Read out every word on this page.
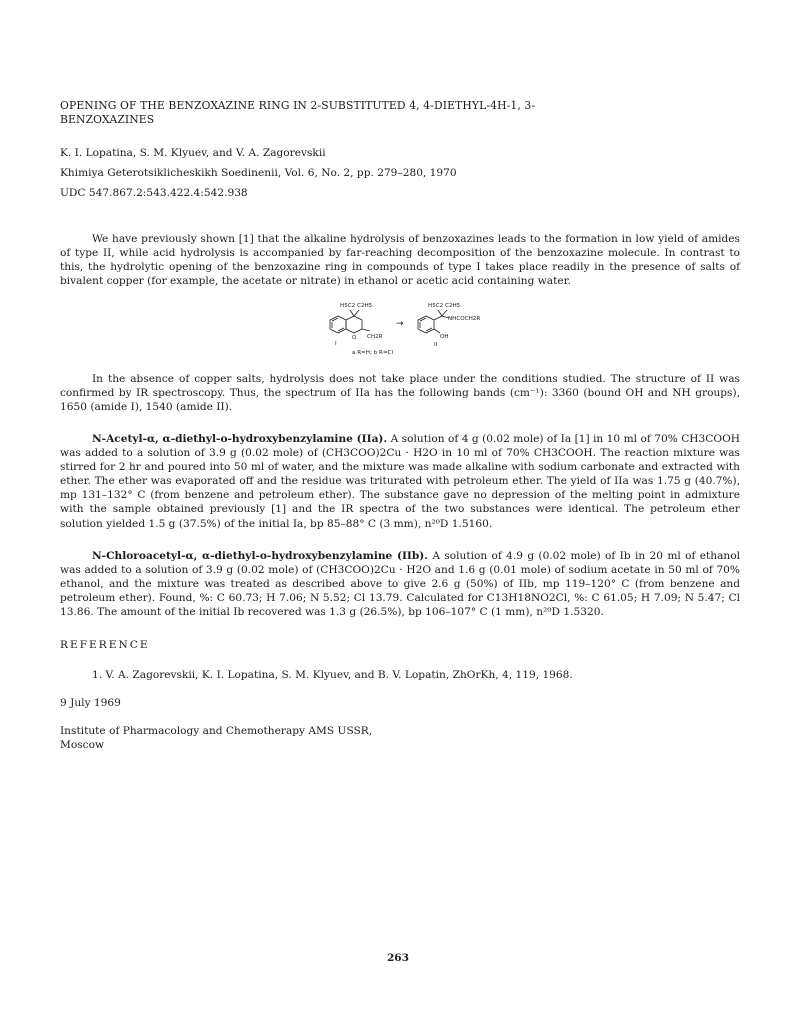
OPENING OF THE BENZOXAZINE RING IN 2-SUBSTITUTED 4, 4-DIETHYL-4H-1, 3-
BENZOXAZINES
K. I. Lopatina, S. M. Klyuev, and V. A. Zagorevskii
Khimiya Geterotsiklicheskikh Soedinenii, Vol. 6, No. 2, pp. 279–280, 1970
UDC 547.867.2:543.422.4:542.938
We have previously shown [1] that the alkaline hydrolysis of benzoxazines leads to the formation in low yield of amides of type II, while acid hydrolysis is accompanied by far-reaching decomposition of the benzoxazine molecule. In contrast to this, the hydrolytic opening of the benzoxazine ring in compounds of type I takes place readily in the presence of salts of bivalent copper (for example, the acetate or nitrate) in ethanol or acetic acid containing water.
H5C2 C2H5
CH2R
O
I
→
H5C2 C2H5
NHCOCH2R
OH
II
a R=H; b R=Cl
In the absence of copper salts, hydrolysis does not take place under the conditions studied. The structure of II was confirmed by IR spectroscopy. Thus, the spectrum of IIa has the following bands (cm⁻¹): 3360 (bound OH and NH groups), 1650 (amide I), 1540 (amide II).
N-Acetyl-α, α-diethyl-o-hydroxybenzylamine (IIa). A solution of 4 g (0.02 mole) of Ia [1] in 10 ml of 70% CH3COOH was added to a solution of 3.9 g (0.02 mole) of (CH3COO)2Cu · H2O in 10 ml of 70% CH3COOH. The reaction mixture was stirred for 2 hr and poured into 50 ml of water, and the mixture was made alkaline with sodium carbonate and extracted with ether. The ether was evaporated off and the residue was triturated with petroleum ether. The yield of IIa was 1.75 g (40.7%), mp 131–132° C (from benzene and petroleum ether). The substance gave no depression of the melting point in admixture with the sample obtained previously [1] and the IR spectra of the two substances were identical. The petroleum ether solution yielded 1.5 g (37.5%) of the initial Ia, bp 85–88° C (3 mm), n²⁰D 1.5160.
N-Chloroacetyl-α, α-diethyl-o-hydroxybenzylamine (IIb). A solution of 4.9 g (0.02 mole) of Ib in 20 ml of ethanol was added to a solution of 3.9 g (0.02 mole) of (CH3COO)2Cu · H2O and 1.6 g (0.01 mole) of sodium acetate in 50 ml of 70% ethanol, and the mixture was treated as described above to give 2.6 g (50%) of IIb, mp 119–120° C (from benzene and petroleum ether). Found, %: C 60.73; H 7.06; N 5.52; Cl 13.79. Calculated for C13H18NO2Cl, %: C 61.05; H 7.09; N 5.47; Cl 13.86. The amount of the initial Ib recovered was 1.3 g (26.5%), bp 106–107° C (1 mm), n²⁰D 1.5320.
REFERENCE
1. V. A. Zagorevskii, K. I. Lopatina, S. M. Klyuev, and B. V. Lopatin, ZhOrKh, 4, 119, 1968.
9 July 1969
Institute of Pharmacology and Chemotherapy AMS USSR,
Moscow
263
